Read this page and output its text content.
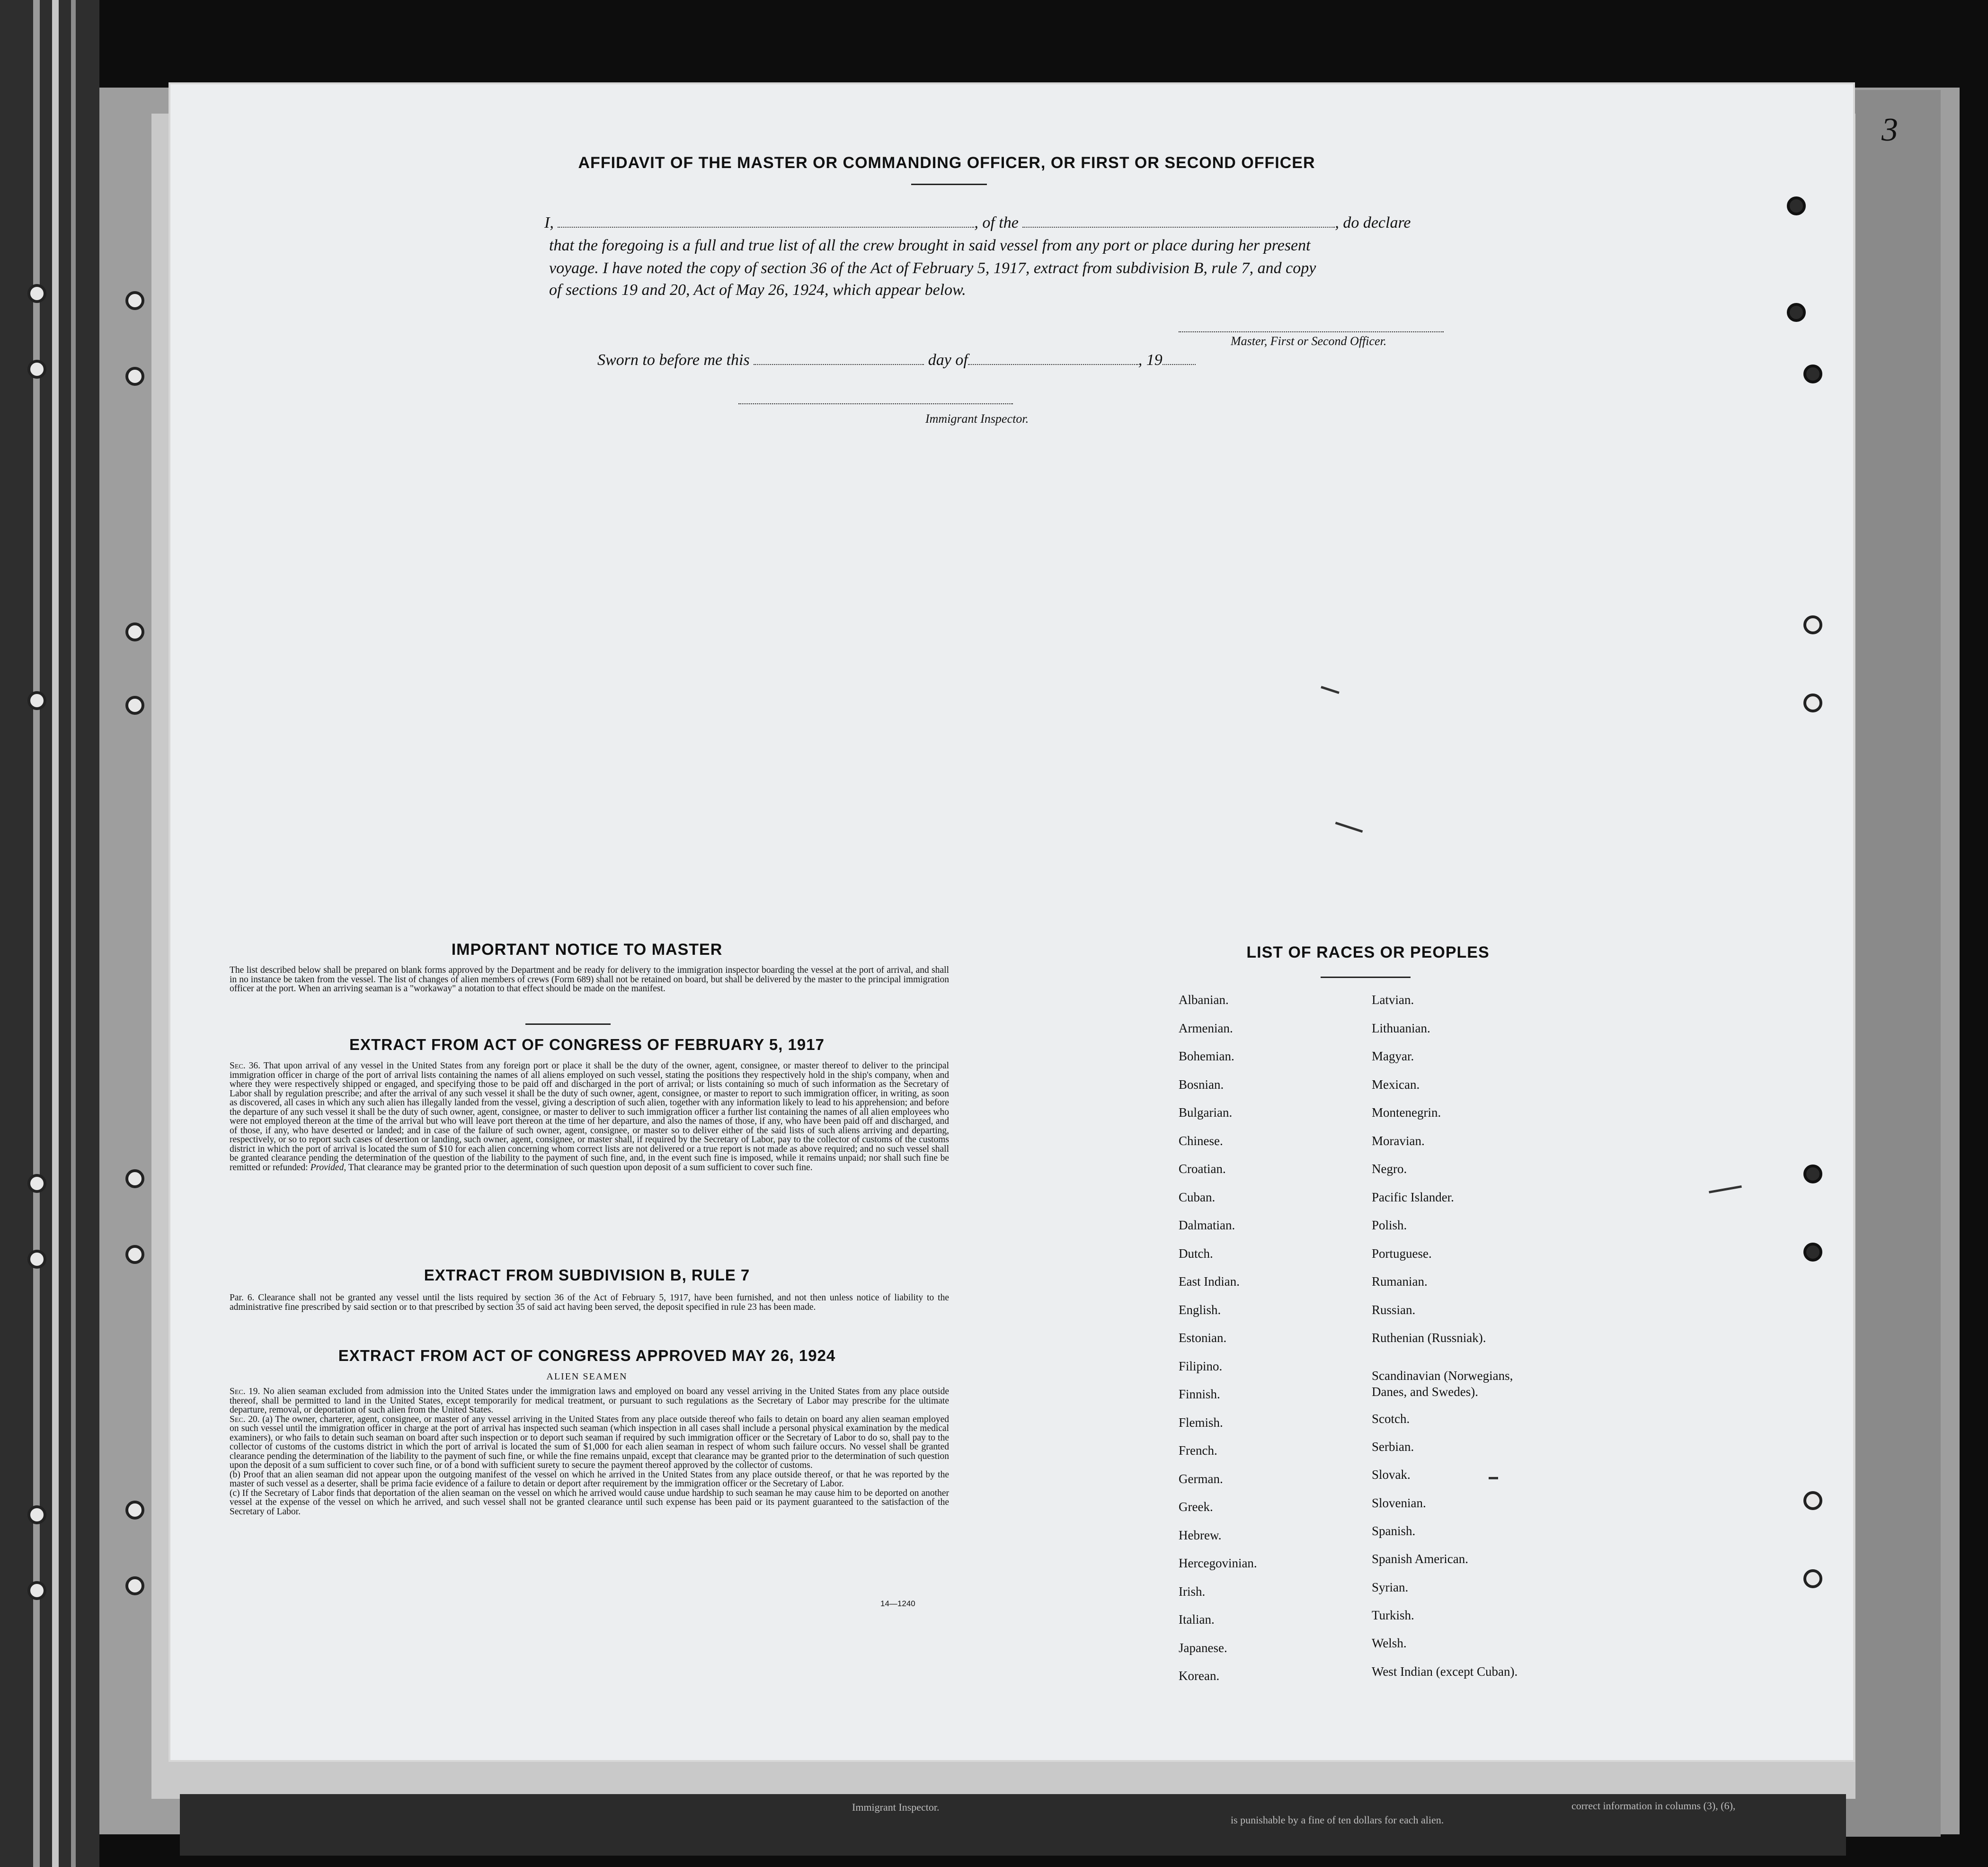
3
AFFIDAVIT OF THE MASTER OR COMMANDING OFFICER, OR FIRST OR SECOND OFFICER
I,	, of the	, do declare
that the foregoing is a full and true list of all the crew brought in said vessel from any port or place during her present
voyage. I have noted the copy of section 36 of the Act of February 5, 1917, extract from subdivision B, rule 7, and copy
of sections 19 and 20, Act of May 26, 1924, which appear below.
Master, First or Second Officer.
Sworn to before me this	day of	, 19
Immigrant Inspector.
IMPORTANT NOTICE TO MASTER
The list described below shall be prepared on blank forms approved by the Department and be ready for delivery to the immigration inspector boarding the vessel at the port of arrival, and shall in no instance be taken from the vessel. The list of changes of alien members of crews (Form 689) shall not be retained on board, but shall be delivered by the master to the principal immigration officer at the port. When an arriving seaman is a "workaway" a notation to that effect should be made on the manifest.
EXTRACT FROM ACT OF CONGRESS OF FEBRUARY 5, 1917
Sec. 36. That upon arrival of any vessel in the United States from any foreign port or place it shall be the duty of the owner, agent, consignee, or master thereof to deliver to the principal immigration officer in charge of the port of arrival lists containing the names of all aliens employed on such vessel, stating the positions they respectively hold in the ship's company, when and where they were respectively shipped or engaged, and specifying those to be paid off and discharged in the port of arrival; or lists containing so much of such information as the Secretary of Labor shall by regulation prescribe; and after the arrival of any such vessel it shall be the duty of such owner, agent, consignee, or master to report to such immigration officer, in writing, as soon as discovered, all cases in which any such alien has illegally landed from the vessel, giving a description of such alien, together with any information likely to lead to his apprehension; and before the departure of any such vessel it shall be the duty of such owner, agent, consignee, or master to deliver to such immigration officer a further list containing the names of all alien employees who were not employed thereon at the time of the arrival but who will leave port thereon at the time of her departure, and also the names of those, if any, who have been paid off and discharged, and of those, if any, who have deserted or landed; and in case of the failure of such owner, agent, consignee, or master so to deliver either of the said lists of such aliens arriving and departing, respectively, or so to report such cases of desertion or landing, such owner, agent, consignee, or master shall, if required by the Secretary of Labor, pay to the collector of customs of the customs district in which the port of arrival is located the sum of $10 for each alien concerning whom correct lists are not delivered or a true report is not made as above required; and no such vessel shall be granted clearance pending the determination of the question of the liability to the payment of such fine, and, in the event such fine is imposed, while it remains unpaid; nor shall such fine be remitted or refunded: Provided, That clearance may be granted prior to the determination of such question upon deposit of a sum sufficient to cover such fine.
EXTRACT FROM SUBDIVISION B, RULE 7
Par. 6. Clearance shall not be granted any vessel until the lists required by section 36 of the Act of February 5, 1917, have been furnished, and not then unless notice of liability to the administrative fine prescribed by said section or to that prescribed by section 35 of said act having been served, the deposit specified in rule 23 has been made.
EXTRACT FROM ACT OF CONGRESS APPROVED MAY 26, 1924
ALIEN SEAMEN
Sec. 19. No alien seaman excluded from admission into the United States under the immigration laws and employed on board any vessel arriving in the United States from any place outside thereof, shall be permitted to land in the United States, except temporarily for medical treatment, or pursuant to such regulations as the Secretary of Labor may prescribe for the ultimate departure, removal, or deportation of such alien from the United States.
Sec. 20. (a) The owner, charterer, agent, consignee, or master of any vessel arriving in the United States from any place outside thereof who fails to detain on board any alien seaman employed on such vessel until the immigration officer in charge at the port of arrival has inspected such seaman (which inspection in all cases shall include a personal physical examination by the medical examiners), or who fails to detain such seaman on board after such inspection or to deport such seaman if required by such immigration officer or the Secretary of Labor to do so, shall pay to the collector of customs of the customs district in which the port of arrival is located the sum of $1,000 for each alien seaman in respect of whom such failure occurs. No vessel shall be granted clearance pending the determination of the liability to the payment of such fine, or while the fine remains unpaid, except that clearance may be granted prior to the determination of such question upon the deposit of a sum sufficient to cover such fine, or of a bond with sufficient surety to secure the payment thereof approved by the collector of customs.
(b) Proof that an alien seaman did not appear upon the outgoing manifest of the vessel on which he arrived in the United States from any place outside thereof, or that he was reported by the master of such vessel as a deserter, shall be prima facie evidence of a failure to detain or deport after requirement by the immigration officer or the Secretary of Labor.
(c) If the Secretary of Labor finds that deportation of the alien seaman on the vessel on which he arrived would cause undue hardship to such seaman he may cause him to be deported on another vessel at the expense of the vessel on which he arrived, and such vessel shall not be granted clearance until such expense has been paid or its payment guaranteed to the satisfaction of the Secretary of Labor.
14—1240
LIST OF RACES OR PEOPLES
Albanian.
Armenian.
Bohemian.
Bosnian.
Bulgarian.
Chinese.
Croatian.
Cuban.
Dalmatian.
Dutch.
East Indian.
English.
Estonian.
Filipino.
Finnish.
Flemish.
French.
German.
Greek.
Hebrew.
Hercegovinian.
Irish.
Italian.
Japanese.
Korean.
Latvian.
Lithuanian.
Magyar.
Mexican.
Montenegrin.
Moravian.
Negro.
Pacific Islander.
Polish.
Portuguese.
Rumanian.
Russian.
Ruthenian (Russniak).
Scandinavian (Norwegians,
Danes, and Swedes).
Scotch.
Serbian.
Slovak.
Slovenian.
Spanish.
Spanish American.
Syrian.
Turkish.
Welsh.
West Indian (except Cuban).
Immigrant Inspector.	correct information in columns (3), (6),
is punishable by a fine of ten dollars for each alien.
